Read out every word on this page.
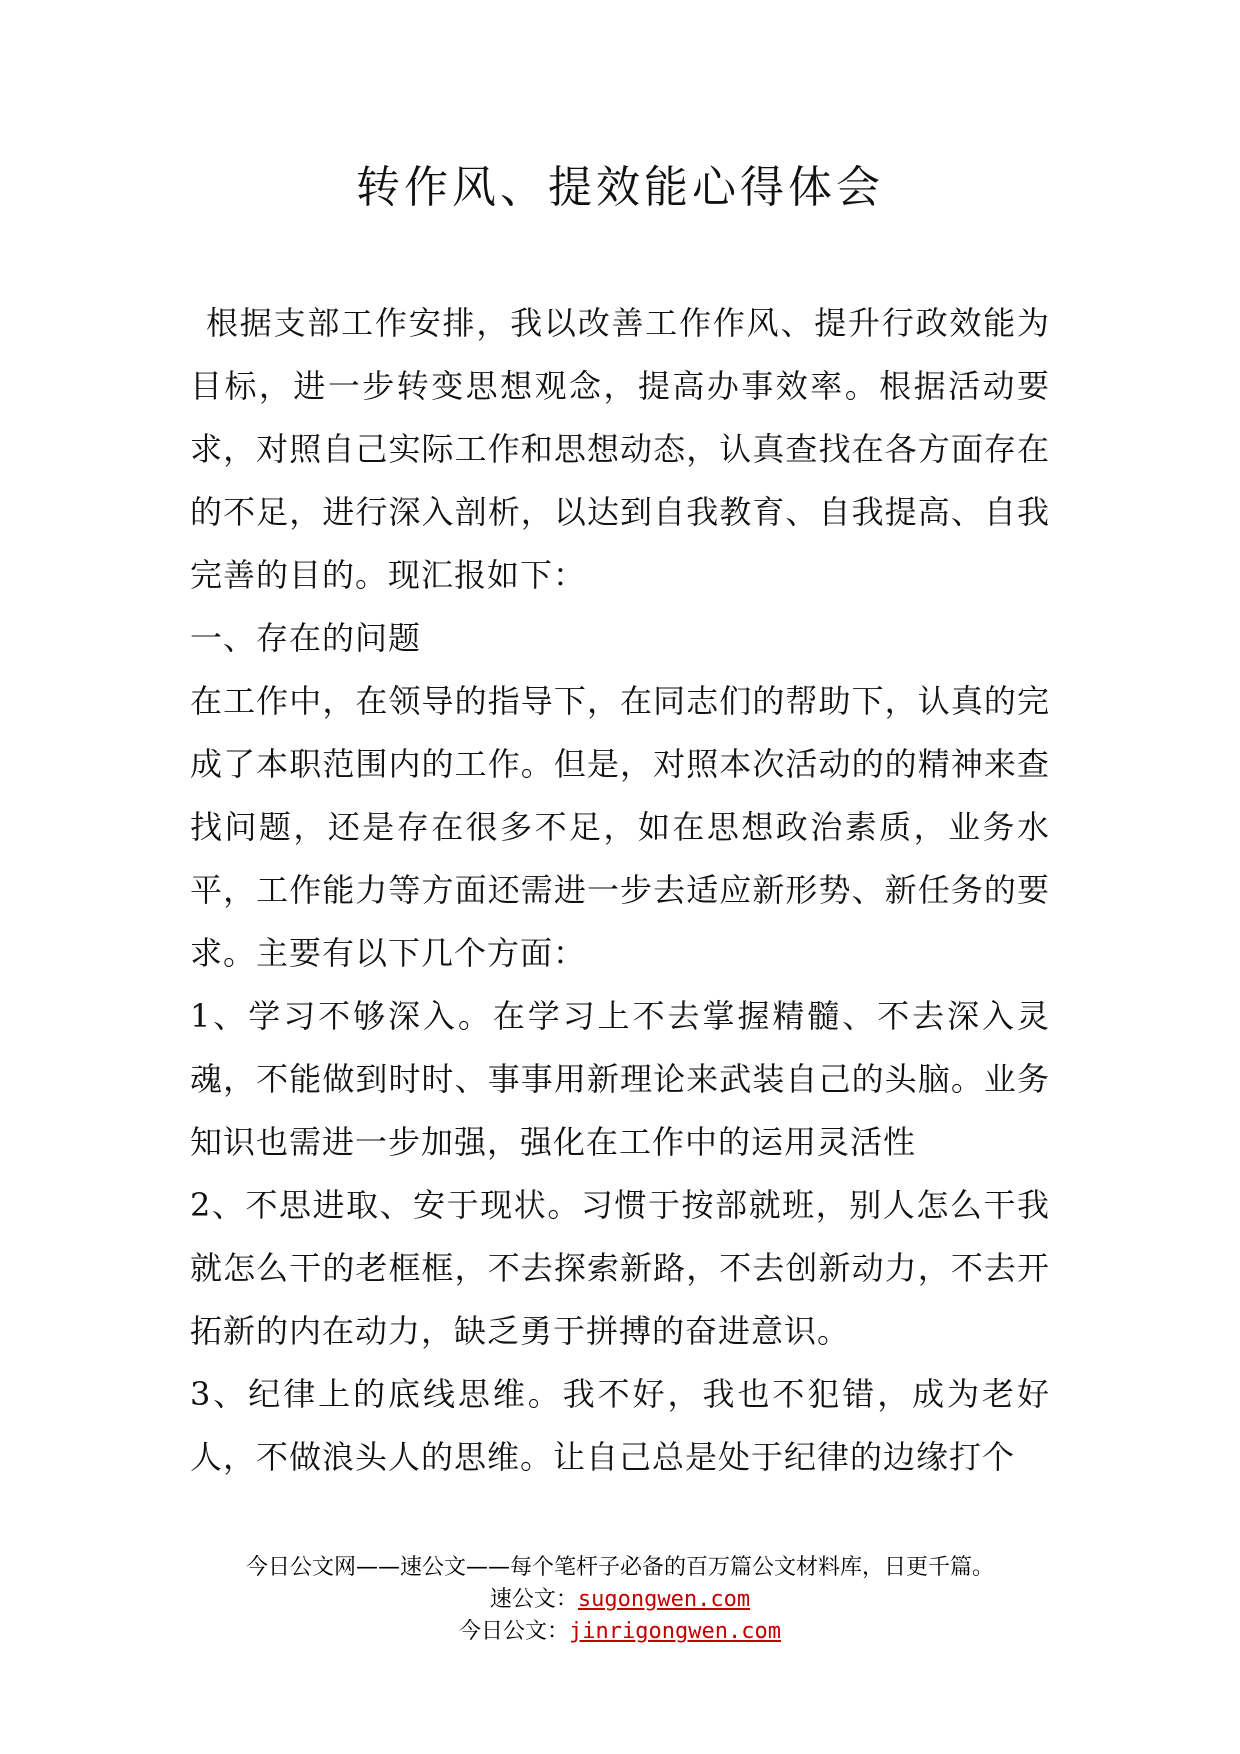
转作风、提效能心得体会

根据支部工作安排，我以改善工作作风、提升行政效能为目标，进一步转变思想观念，提高办事效率。根据活动要求，对照自己实际工作和思想动态，认真查找在各方面存在的不足，进行深入剖析，以达到自我教育、自我提高、自我完善的目的。现汇报如下：

一、存在的问题

在工作中，在领导的指导下，在同志们的帮助下，认真的完成了本职范围内的工作。但是，对照本次活动的的精神来查找问题，还是存在很多不足，如在思想政治素质，业务水平，工作能力等方面还需进一步去适应新形势、新任务的要求。主要有以下几个方面：

1、学习不够深入。在学习上不去掌握精髓、不去深入灵魂，不能做到时时、事事用新理论来武装自己的头脑。业务知识也需进一步加强，强化在工作中的运用灵活性

2、不思进取、安于现状。习惯于按部就班，别人怎么干我就怎么干的老框框，不去探索新路，不去创新动力，不去开拓新的内在动力，缺乏勇于拼搏的奋进意识。

3、纪律上的底线思维。我不好，我也不犯错，成为老好人，不做浪头人的思维。让自己总是处于纪律的边缘打个

今日公文网——速公文——每个笔杆子必备的百万篇公文材料库，日更千篇。
速公文：sugongwen.com
今日公文：jinrigongwen.com
